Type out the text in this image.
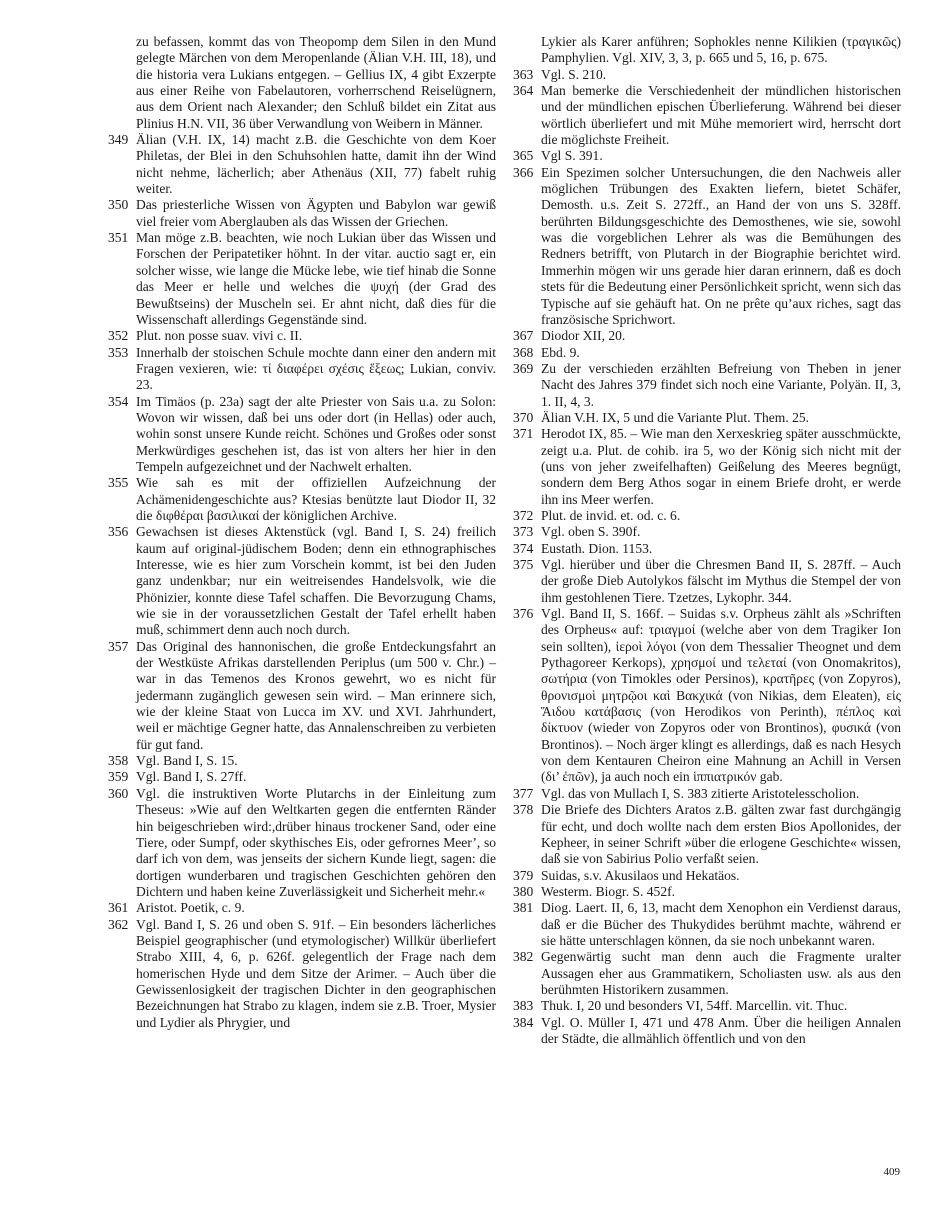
zu befassen, kommt das von Theopomp dem Silen in den Mund gelegte Märchen von dem Meropenlande (Älian V.H. III, 18), und die historia vera Lukians entgegen. – Gellius IX, 4 gibt Exzerpte aus einer Reihe von Fabelautoren, vorherrschend Reiselügnern, aus dem Orient nach Alexander; den Schluß bildet ein Zitat aus Plinius H.N. VII, 36 über Verwandlung von Weibern in Männer.

349 Älian (V.H. IX, 14) macht z.B. die Geschichte von dem Koer Philetas, der Blei in den Schuhsohlen hatte, damit ihn der Wind nicht nehme, lächerlich; aber Athenäus (XII, 77) fabelt ruhig weiter.

350 Das priesterliche Wissen von Ägypten und Babylon war gewiß viel freier vom Aberglauben als das Wissen der Griechen.

351 Man möge z.B. beachten, wie noch Lukian über das Wissen und Forschen der Peripatetiker höhnt. In der vitar. auctio sagt er, ein solcher wisse, wie lange die Mücke lebe, wie tief hinab die Sonne das Meer er helle und welches die ψυχή (der Grad des Bewußtseins) der Muscheln sei. Er ahnt nicht, daß dies für die Wissenschaft allerdings Gegenstände sind.

352 Plut. non posse suav. vivi c. II.

353 Innerhalb der stoischen Schule mochte dann einer den andern mit Fragen vexieren, wie: τί διαφέρει σχέσις ἕξεως; Lukian, conviv. 23.

354 Im Timäos (p. 23a) sagt der alte Priester von Sais u.a. zu Solon: Wovon wir wissen, daß bei uns oder dort (in Hellas) oder auch, wohin sonst unsere Kunde reicht. Schönes und Großes oder sonst Merkwürdiges geschehen ist, das ist von alters her hier in den Tempeln aufgezeichnet und der Nachwelt erhalten.

355 Wie sah es mit der offiziellen Aufzeichnung der Achämenidengeschichte aus? Ktesias benützte laut Diodor II, 32 die διφθέραι βασιλικαί der königlichen Archive.

356 Gewachsen ist dieses Aktenstück (vgl. Band I, S. 24) freilich kaum auf original-jüdischem Boden; denn ein ethnographisches Interesse, wie es hier zum Vorschein kommt, ist bei den Juden ganz undenkbar; nur ein weitreisendes Handelsvolk, wie die Phönizier, konnte diese Tafel schaffen. Die Bevorzugung Chams, wie sie in der voraussetzlichen Gestalt der Tafel erhellt haben muß, schimmert denn auch noch durch.

357 Das Original des hannonischen, die große Entdeckungsfahrt an der Westküste Afrikas darstellenden Periplus (um 500 v. Chr.) – war in das Temenos des Kronos gewehrt, wo es nicht für jedermann zugänglich gewesen sein wird. – Man erinnere sich, wie der kleine Staat von Lucca im XV. und XVI. Jahrhundert, weil er mächtige Gegner hatte, das Annalenschreiben zu verbieten für gut fand.

358 Vgl. Band I, S. 15.

359 Vgl. Band I, S. 27ff.

360 Vgl. die instruktiven Worte Plutarchs in der Einleitung zum Theseus: »Wie auf den Weltkarten gegen die entfernten Ränder hin beigeschrieben wird:,drüber hinaus trockener Sand, oder eine Tiere, oder Sumpf, oder skythisches Eis, oder gefrornes Meer’, so darf ich von dem, was jenseits der sichern Kunde liegt, sagen: die dortigen wunderbaren und tragischen Geschichten gehören den Dichtern und haben keine Zuverlässigkeit und Sicherheit mehr.«

361 Aristot. Poetik, c. 9.

362 Vgl. Band I, S. 26 und oben S. 91f. – Ein besonders lächerliches Beispiel geographischer (und etymologischer) Willkür überliefert Strabo XIII, 4, 6, p. 626f. gelegentlich der Frage nach dem homerischen Hyde und dem Sitze der Arimer. – Auch über die Gewissenlosigkeit der tragischen Dichter in den geographischen Bezeichnungen hat Strabo zu klagen, indem sie z.B. Troer, Mysier und Lydier als Phrygier, und

Lykier als Karer anführen; Sophokles nenne Kilikien (τραγικῶς) Pamphylien. Vgl. XIV, 3, 3, p. 665 und 5, 16, p. 675.

363 Vgl. S. 210.

364 Man bemerke die Verschiedenheit der mündlichen historischen und der mündlichen epischen Überlieferung. Während bei dieser wörtlich überliefert und mit Mühe memoriert wird, herrscht dort die möglichste Freiheit.

365 Vgl S. 391.

366 Ein Spezimen solcher Untersuchungen, die den Nachweis aller möglichen Trübungen des Exakten liefern, bietet Schäfer, Demosth. u.s. Zeit S. 272ff., an Hand der von uns S. 328ff. berührten Bildungsgeschichte des Demosthenes, wie sie, sowohl was die vorgeblichen Lehrer als was die Bemühungen des Redners betrifft, von Plutarch in der Biographie berichtet wird. Immerhin mögen wir uns gerade hier daran erinnern, daß es doch stets für die Bedeutung einer Persönlichkeit spricht, wenn sich das Typische auf sie gehäuft hat. On ne prête qu’aux riches, sagt das französische Sprichwort.

367 Diodor XII, 20.

368 Ebd. 9.

369 Zu der verschieden erzählten Befreiung von Theben in jener Nacht des Jahres 379 findet sich noch eine Variante, Polyän. II, 3, 1. II, 4, 3.

370 Älian V.H. IX, 5 und die Variante Plut. Them. 25.

371 Herodot IX, 85. – Wie man den Xerxeskrieg später ausschmückte, zeigt u.a. Plut. de cohib. ira 5, wo der König sich nicht mit der (uns von jeher zweifelhaften) Geißelung des Meeres begnügt, sondern dem Berg Athos sogar in einem Briefe droht, er werde ihn ins Meer werfen.

372 Plut. de invid. et. od. c. 6.

373 Vgl. oben S. 390f.

374 Eustath. Dion. 1153.

375 Vgl. hierüber und über die Chresmen Band II, S. 287ff. – Auch der große Dieb Autolykos fälscht im Mythus die Stempel der von ihm gestohlenen Tiere. Tzetzes, Lykophr. 344.

376 Vgl. Band II, S. 166f. – Suidas s.v. Orpheus zählt als »Schriften des Orpheus« auf: τριαγμοί (welche aber von dem Tragiker Ion sein sollten), ἱεροὶ λόγοι (von dem Thessalier Theognet und dem Pythagoreer Kerkops), χρησμοί und τελεταί (von Onomakritos), σωτήρια (von Timokles oder Persinos), κρατῆρες (von Zopyros), θρονισμοὶ μητρῷοι καὶ Βακχικά (von Nikias, dem Eleaten), εἰς Ἅιδου κατάβασις (von Herodikos von Perinth), πέπλος καὶ δίκτυον (wieder von Zopyros oder von Brontinos), φυσικά (von Brontinos). – Noch ärger klingt es allerdings, daß es nach Hesych von dem Kentauren Cheiron eine Mahnung an Achill in Versen (δι’ ἐπῶν), ja auch noch ein ἱππιατρικόν gab.

377 Vgl. das von Mullach I, S. 383 zitierte Aristotelesscholion.

378 Die Briefe des Dichters Aratos z.B. gälten zwar fast durchgängig für echt, und doch wollte nach dem ersten Bios Apollonides, der Kepheer, in seiner Schrift »über die erlogene Geschichte« wissen, daß sie von Sabirius Polio verfaßt seien.

379 Suidas, s.v. Akusilaos und Hekatäos.

380 Westerm. Biogr. S. 452f.

381 Diog. Laert. II, 6, 13, macht dem Xenophon ein Verdienst daraus, daß er die Bücher des Thukydides berühmt machte, während er sie hätte unterschlagen können, da sie noch unbekannt waren.

382 Gegenwärtig sucht man denn auch die Fragmente uralter Aussagen eher aus Grammatikern, Scholiasten usw. als aus den berühmten Historikern zusammen.

383 Thuk. I, 20 und besonders VI, 54ff. Marcellin. vit. Thuc.

384 Vgl. O. Müller I, 471 und 478 Anm. Über die heiligen Annalen der Städte, die allmählich öffentlich und von den

409
